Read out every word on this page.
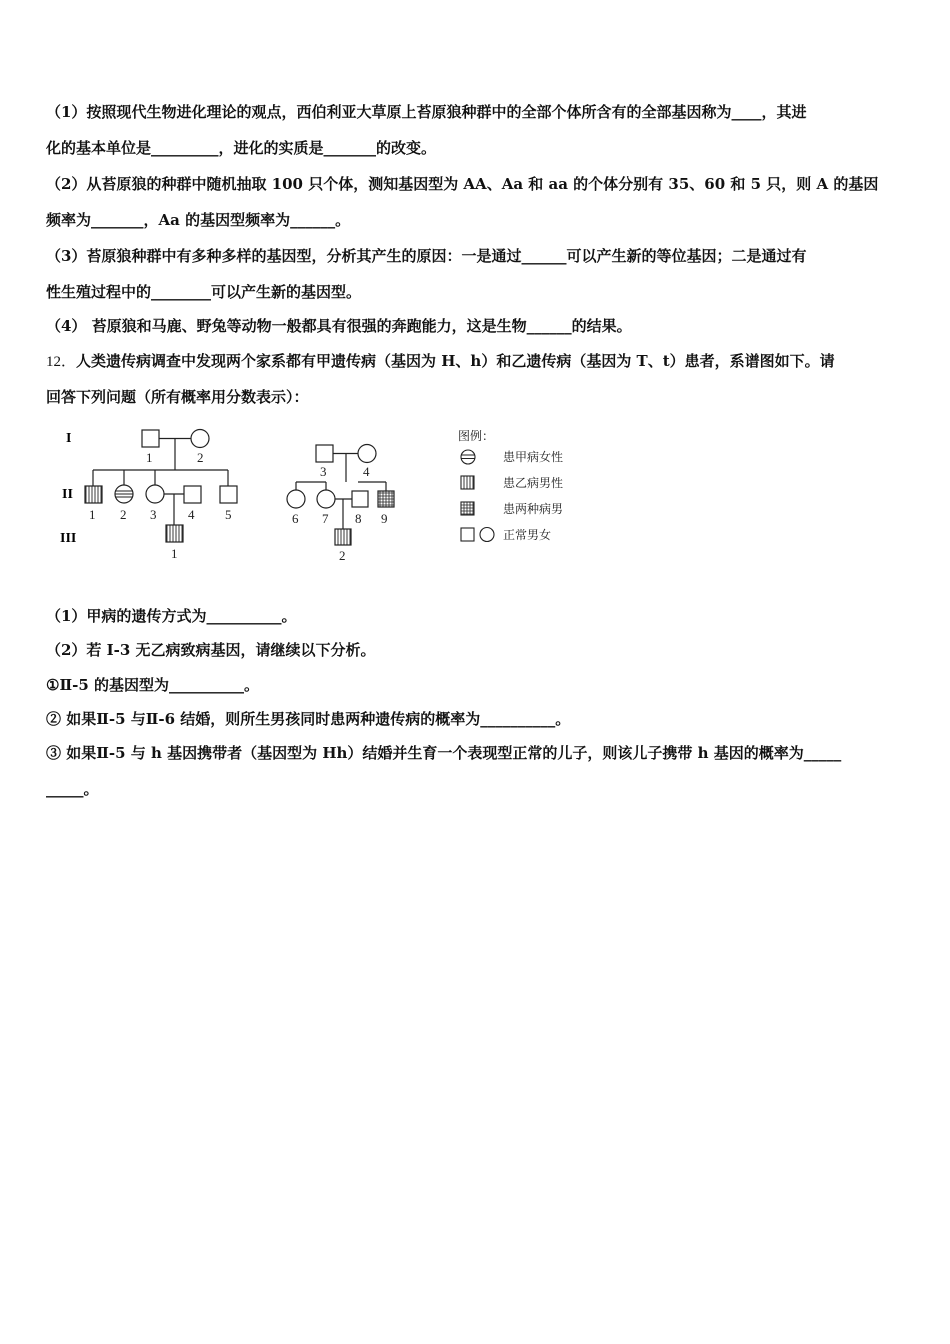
（1）按照现代生物进化理论的观点，西伯利亚大草原上苔原狼种群中的全部个体所含有的全部基因称为____，其进
化的基本单位是_________，进化的实质是_______的改变。
（2）从苔原狼的种群中随机抽取 100 只个体，测知基因型为 AA、Aa 和 aa 的个体分别有 35、60 和 5 只，则 A 的基因
频率为_______，Aa 的基因型频率为______。
（3）苔原狼种群中有多种多样的基因型，分析其产生的原因：一是通过______可以产生新的等位基因；二是通过有
性生殖过程中的________可以产生新的基因型。
（4） 苔原狼和马鹿、野兔等动物一般都具有很强的奔跑能力，这是生物______的结果。
12．人类遗传病调查中发现两个家系都有甲遗传病（基因为 H、h）和乙遗传病（基因为 T、t）患者，系谱图如下。请
回答下列问题（所有概率用分数表示）：
I
II
III
1	2
1 2 3 4 5
1
3	4
6 7 8 9
2
图例：
患甲病女性
患乙病男性
患两种病男
正常男女
（1）甲病的遗传方式为__________。
（2）若 I-3 无乙病致病基因，请继续以下分析。
①Ⅱ-5 的基因型为__________。
② 如果Ⅱ-5 与Ⅱ-6 结婚，则所生男孩同时患两种遗传病的概率为__________。
③ 如果Ⅱ-5 与 h 基因携带者（基因型为 Hh）结婚并生育一个表现型正常的儿子，则该儿子携带 h 基因的概率为_____
_____。
